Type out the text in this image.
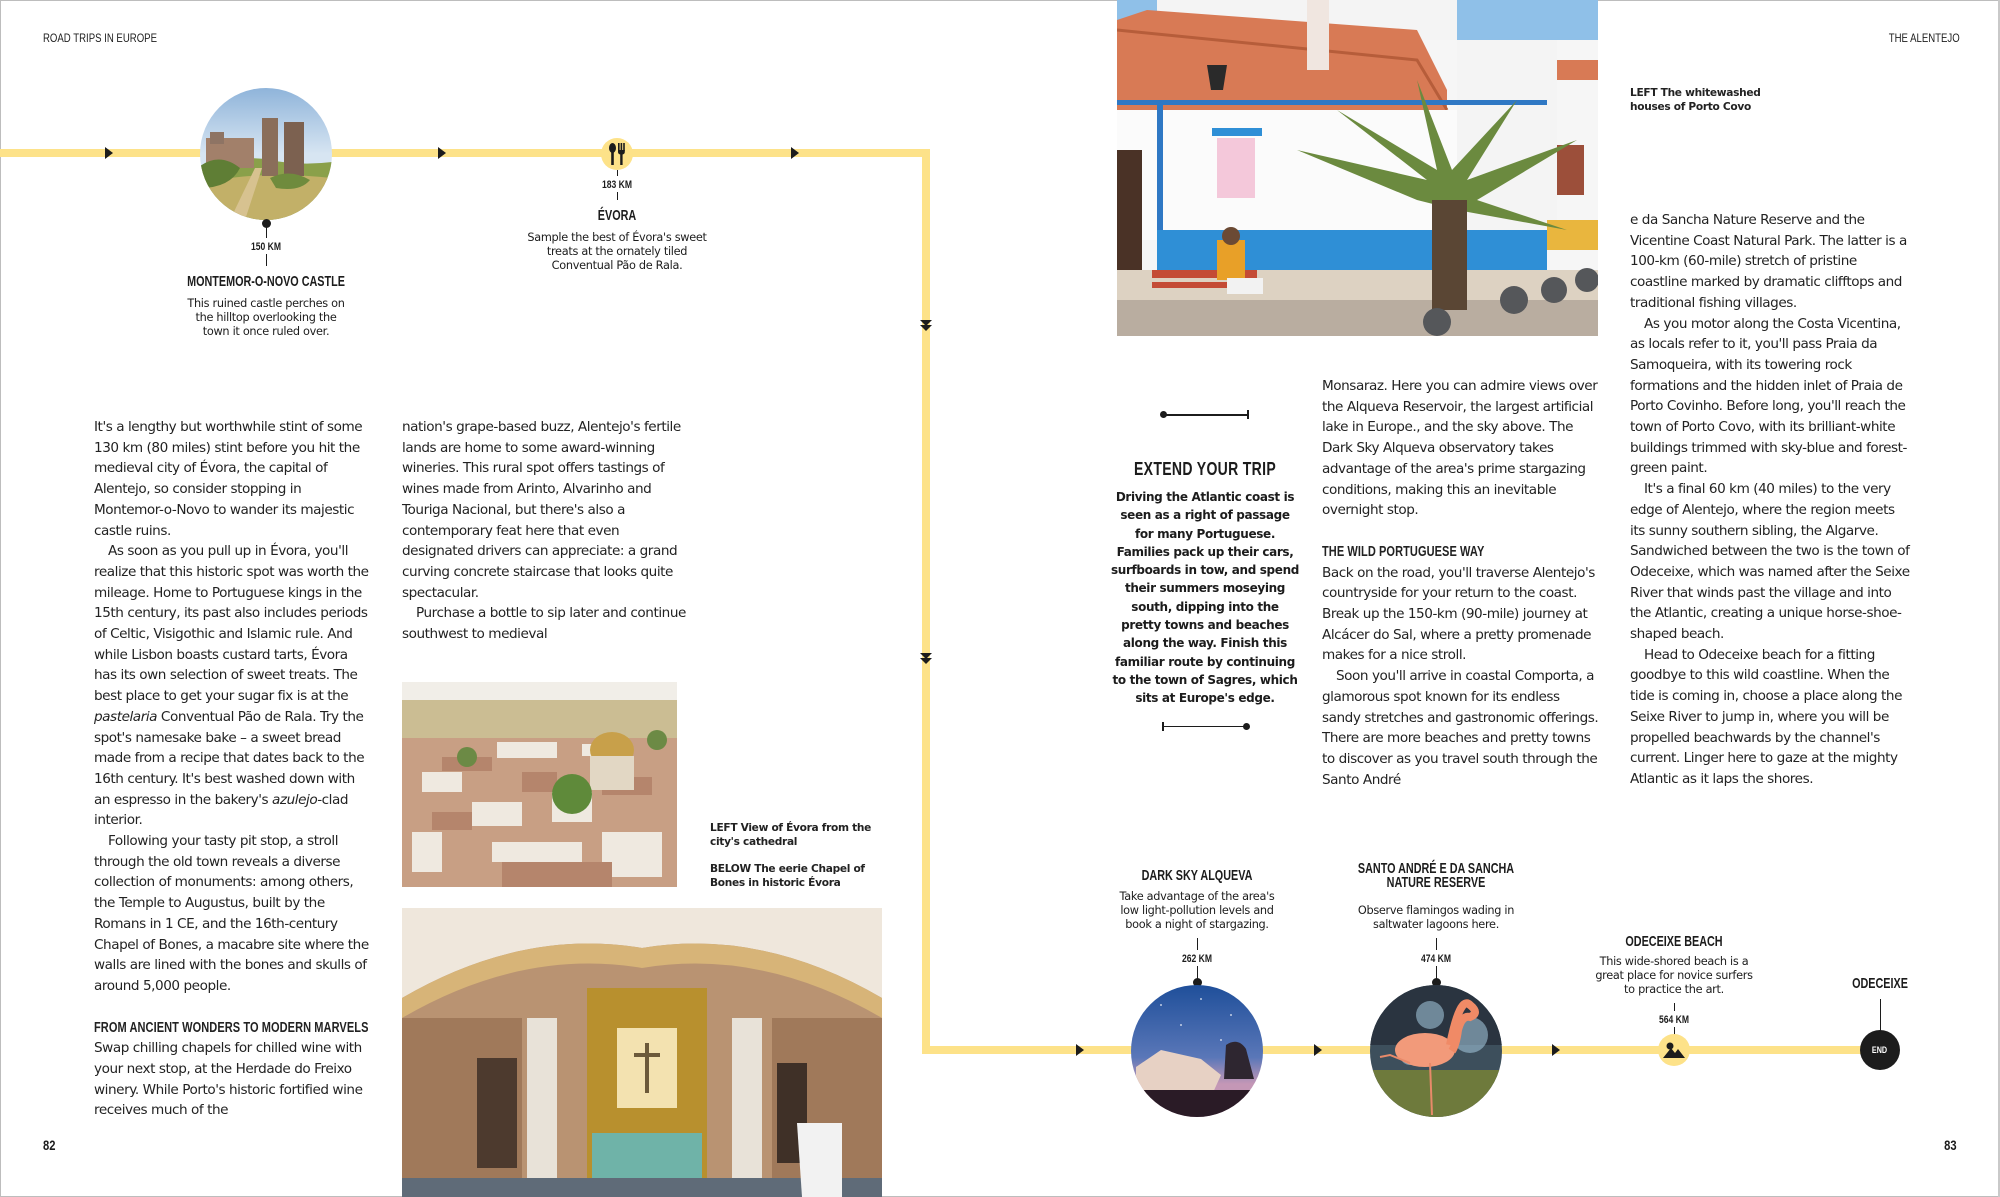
ROAD TRIPS IN EUROPE	THE ALENTEJO
150 KM
MONTEMOR-O-NOVO CASTLE
This ruined castle perches on the hilltop overlooking the town it once ruled over.
183 KM
ÉVORA
Sample the best of Évora's sweet treats at the ornately tiled Conventual Pão de Rala.

It's a lengthy but worthwhile stint of some 130 km (80 miles) stint before you hit the medieval city of Évora, the capital of Alentejo, so consider stopping in Montemor-o-Novo to wander its majestic castle ruins.

As soon as you pull up in Évora, you'll realize that this historic spot was worth the mileage. Home to Portuguese kings in the 15th century, its past also includes periods of Celtic, Visigothic and Islamic rule. And while Lisbon boasts custard tarts, Évora has its own selection of sweet treats. The best place to get your sugar fix is at the pastelaria Conventual Pão de Rala. Try the spot's namesake bake – a sweet bread made from a recipe that dates back to the 16th century. It's best washed down with an espresso in the bakery's azulejo-clad interior.

Following your tasty pit stop, a stroll through the old town reveals a diverse collection of monuments: among others, the Temple to Augustus, built by the Romans in 1 CE, and the 16th-century Chapel of Bones, a macabre site where the walls are lined with the bones and skulls of around 5,000 people.

FROM ANCIENT WONDERS TO MODERN MARVELS

Swap chilling chapels for chilled wine with your next stop, at the Herdade do Freixo winery. While Porto's historic fortified wine receives much of the

nation's grape-based buzz, Alentejo's fertile lands are home to some award-winning wineries. This rural spot offers tastings of wines made from Arinto, Alvarinho and Touriga Nacional, but there's also a contemporary feat here that even designated drivers can appreciate: a grand curving concrete staircase that looks quite spectacular.

Purchase a bottle to sip later and continue southwest to medieval

LEFT View of Évora from the city's cathedral

BELOW The eerie Chapel of Bones in historic Évora

82
LEFT The whitewashed houses of Porto Covo
EXTEND YOUR TRIP
Driving the Atlantic coast is seen as a right of passage for many Portuguese. Families pack up their cars, surfboards in tow, and spend their summers moseying south, dipping into the pretty towns and beaches along the way. Finish this familiar route by continuing to the town of Sagres, which sits at Europe's edge.

Monsaraz. Here you can admire views over the Alqueva Reservoir, the largest artificial lake in Europe., and the sky above. The Dark Sky Alqueva observatory takes advantage of the area's prime stargazing conditions, making this an inevitable overnight stop.

THE WILD PORTUGUESE WAY

Back on the road, you'll traverse Alentejo's countryside for your return to the coast. Break up the 150-km (90-mile) journey at Alcácer do Sal, where a pretty promenade makes for a nice stroll.

Soon you'll arrive in coastal Comporta, a glamorous spot known for its endless sandy stretches and gastronomic offerings. There are more beaches and pretty towns to discover as you travel south through the Santo André

e da Sancha Nature Reserve and the Vicentine Coast Natural Park. The latter is a 100-km (60-mile) stretch of pristine coastline marked by dramatic clifftops and traditional fishing villages.

As you motor along the Costa Vicentina, as locals refer to it, you'll pass Praia da Samoqueira, with its towering rock formations and the hidden inlet of Praia de Porto Covinho. Before long, you'll reach the town of Porto Covo, with its brilliant-white buildings trimmed with sky-blue and forest-green paint.

It's a final 60 km (40 miles) to the very edge of Alentejo, where the region meets its sunny southern sibling, the Algarve. Sandwiched between the two is the town of Odeceixe, which was named after the Seixe River that winds past the village and into the Atlantic, creating a unique horse-shoe-shaped beach.

Head to Odeceixe beach for a fitting goodbye to this wild coastline. When the tide is coming in, choose a place along the Seixe River to jump in, where you will be propelled beachwards by the channel's current. Linger here to gaze at the mighty Atlantic as it laps the shores.

DARK SKY ALQUEVA
Take advantage of the area's low light-pollution levels and book a night of stargazing.
262 KM
SANTO ANDRÉ E DA SANCHA
NATURE RESERVE
Observe flamingos wading in saltwater lagoons here.
474 KM
ODECEIXE BEACH
This wide-shored beach is a great place for novice surfers to practice the art.
564 KM
ODECEIXE
END
83
